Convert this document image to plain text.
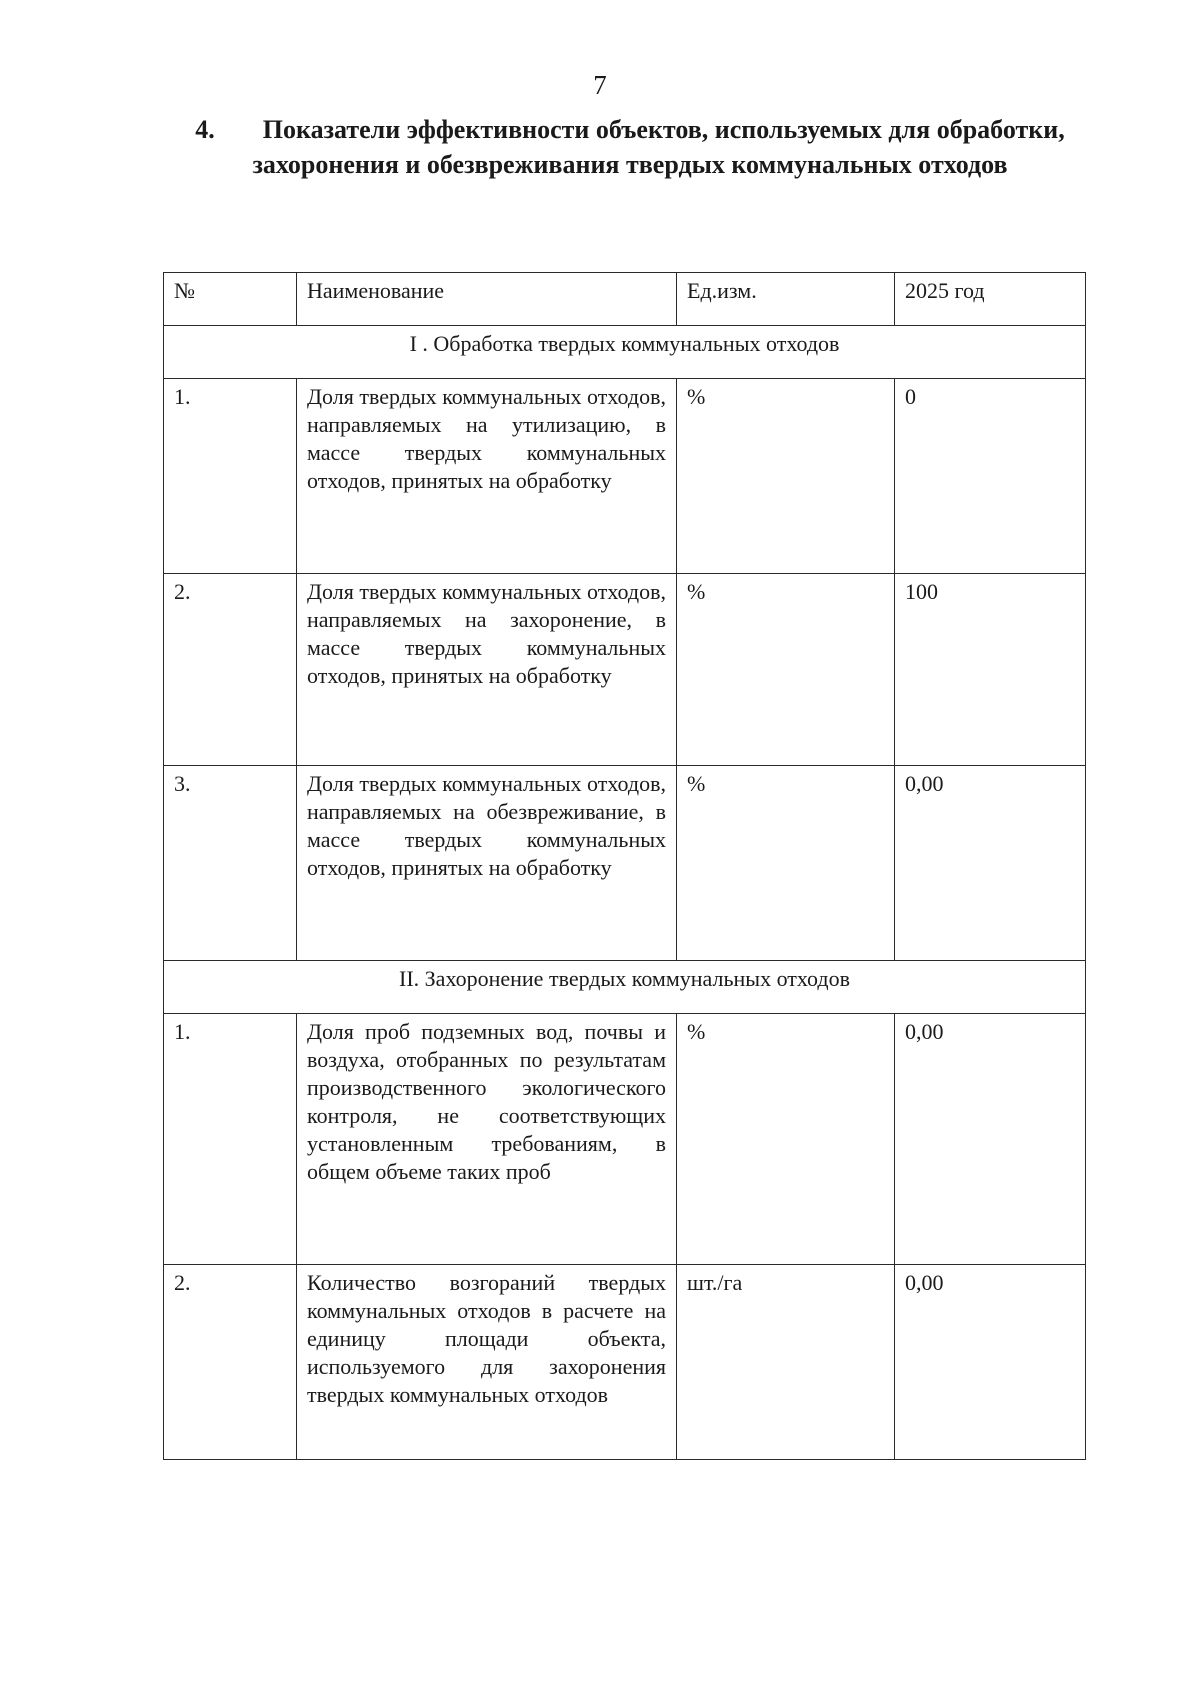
7
4. Показатели эффективности объектов, используемых для обработки, захоронения и обезвреживания твердых коммунальных отходов
№	Наименование	Ед.изм.	2025 год
I . Обработка твердых коммунальных отходов			
1.	Доля твердых коммунальных отходов, направляемых на утилизацию, в массе твердых коммунальных отходов, принятых на обработку	%	0
2.	Доля твердых коммунальных отходов, направляемых на захоронение, в массе твердых коммунальных отходов, принятых на обработку	%	100
3.	Доля твердых коммунальных отходов, направляемых на обезвреживание, в массе твердых коммунальных отходов, принятых на обработку	%	0,00
II. Захоронение твердых коммунальных отходов			
1.	Доля проб подземных вод, почвы и воздуха, отобранных по результатам производственного экологического контроля, не соответствующих установленным требованиям, в общем объеме таких проб	%	0,00
2.	Количество возгораний твердых коммунальных отходов в расчете на единицу площади объекта, используемого для захоронения твердых коммунальных отходов	шт./га	0,00
